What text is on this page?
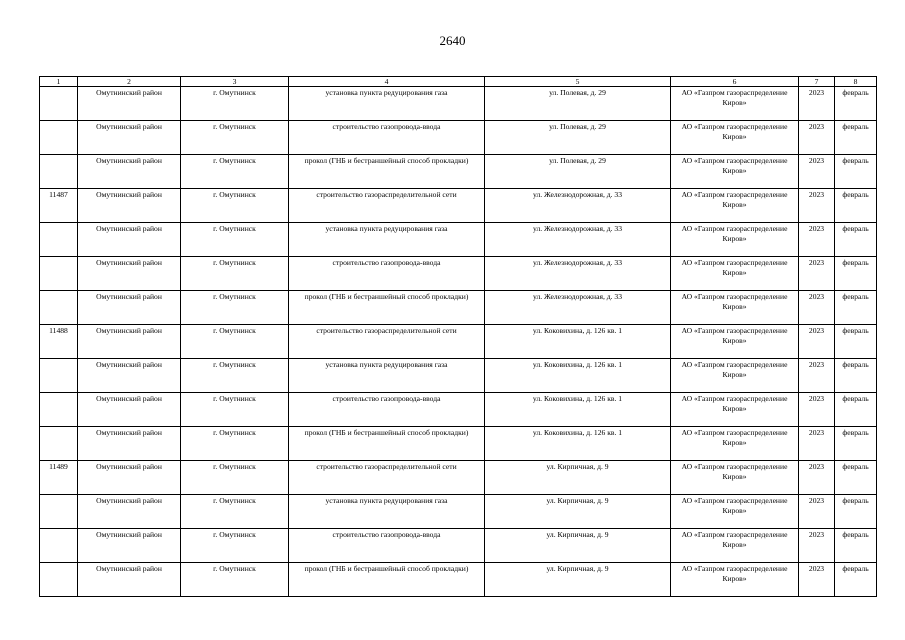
2640
1	2	3	4	5	6	7	8
	Омутнинский район	г. Омутнинск	установка пункта редуцирования газа	ул. Полевая, д. 29	АО «Газпром газораспределение Киров»	2023	февраль
	Омутнинский район	г. Омутнинск	строительство газопровода-ввода	ул. Полевая, д. 29	АО «Газпром газораспределение Киров»	2023	февраль
	Омутнинский район	г. Омутнинск	прокол (ГНБ и бестраншейный способ прокладки)	ул. Полевая, д. 29	АО «Газпром газораспределение Киров»	2023	февраль
11487	Омутнинский район	г. Омутнинск	строительство газораспределительной сети	ул. Железнодорожная, д. 33	АО «Газпром газораспределение Киров»	2023	февраль
	Омутнинский район	г. Омутнинск	установка пункта редуцирования газа	ул. Железнодорожная, д. 33	АО «Газпром газораспределение Киров»	2023	февраль
	Омутнинский район	г. Омутнинск	строительство газопровода-ввода	ул. Железнодорожная, д. 33	АО «Газпром газораспределение Киров»	2023	февраль
	Омутнинский район	г. Омутнинск	прокол (ГНБ и бестраншейный способ прокладки)	ул. Железнодорожная, д. 33	АО «Газпром газораспределение Киров»	2023	февраль
11488	Омутнинский район	г. Омутнинск	строительство газораспределительной сети	ул. Коковихина, д. 126 кв. 1	АО «Газпром газораспределение Киров»	2023	февраль
	Омутнинский район	г. Омутнинск	установка пункта редуцирования газа	ул. Коковихина, д. 126 кв. 1	АО «Газпром газораспределение Киров»	2023	февраль
	Омутнинский район	г. Омутнинск	строительство газопровода-ввода	ул. Коковихина, д. 126 кв. 1	АО «Газпром газораспределение Киров»	2023	февраль
	Омутнинский район	г. Омутнинск	прокол (ГНБ и бестраншейный способ прокладки)	ул. Коковихина, д. 126 кв. 1	АО «Газпром газораспределение Киров»	2023	февраль
11489	Омутнинский район	г. Омутнинск	строительство газораспределительной сети	ул. Кирпичная, д. 9	АО «Газпром газораспределение Киров»	2023	февраль
	Омутнинский район	г. Омутнинск	установка пункта редуцирования газа	ул. Кирпичная, д. 9	АО «Газпром газораспределение Киров»	2023	февраль
	Омутнинский район	г. Омутнинск	строительство газопровода-ввода	ул. Кирпичная, д. 9	АО «Газпром газораспределение Киров»	2023	февраль
	Омутнинский район	г. Омутнинск	прокол (ГНБ и бестраншейный способ прокладки)	ул. Кирпичная, д. 9	АО «Газпром газораспределение Киров»	2023	февраль
